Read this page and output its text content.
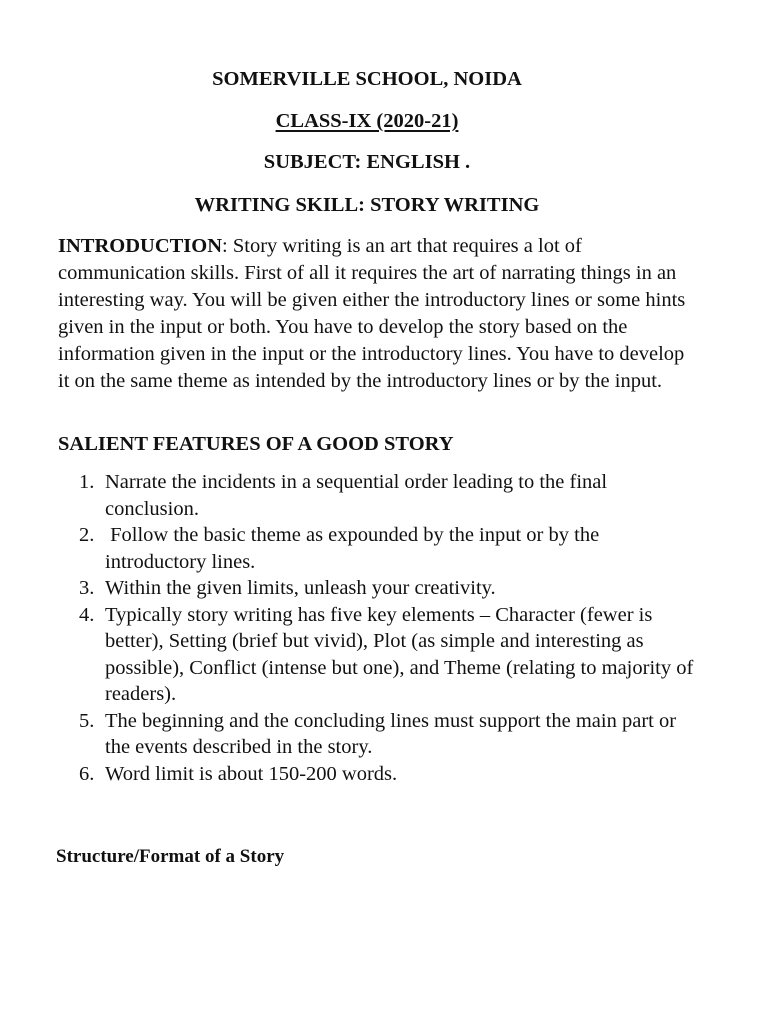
SOMERVILLE SCHOOL, NOIDA
CLASS-IX (2020-21)
SUBJECT: ENGLISH .
WRITING SKILL: STORY WRITING

INTRODUCTION: Story writing is an art that requires a lot of communication skills. First of all it requires the art of narrating things in an interesting way. You will be given either the introductory lines or some hints given in the input or both. You have to develop the story based on the information given in the input or the introductory lines. You have to develop it on the same theme as intended by the introductory lines or by the input.

SALIENT FEATURES OF A GOOD STORY

1. Narrate the incidents in a sequential order leading to the final conclusion.
2. Follow the basic theme as expounded by the input or by the introductory lines.
3. Within the given limits, unleash your creativity.
4. Typically story writing has five key elements – Character (fewer is better), Setting (brief but vivid), Plot (as simple and interesting as possible), Conflict (intense but one), and Theme (relating to majority of readers).
5. The beginning and the concluding lines must support the main part or the events described in the story.
6. Word limit is about 150-200 words.

Structure/Format of a Story
